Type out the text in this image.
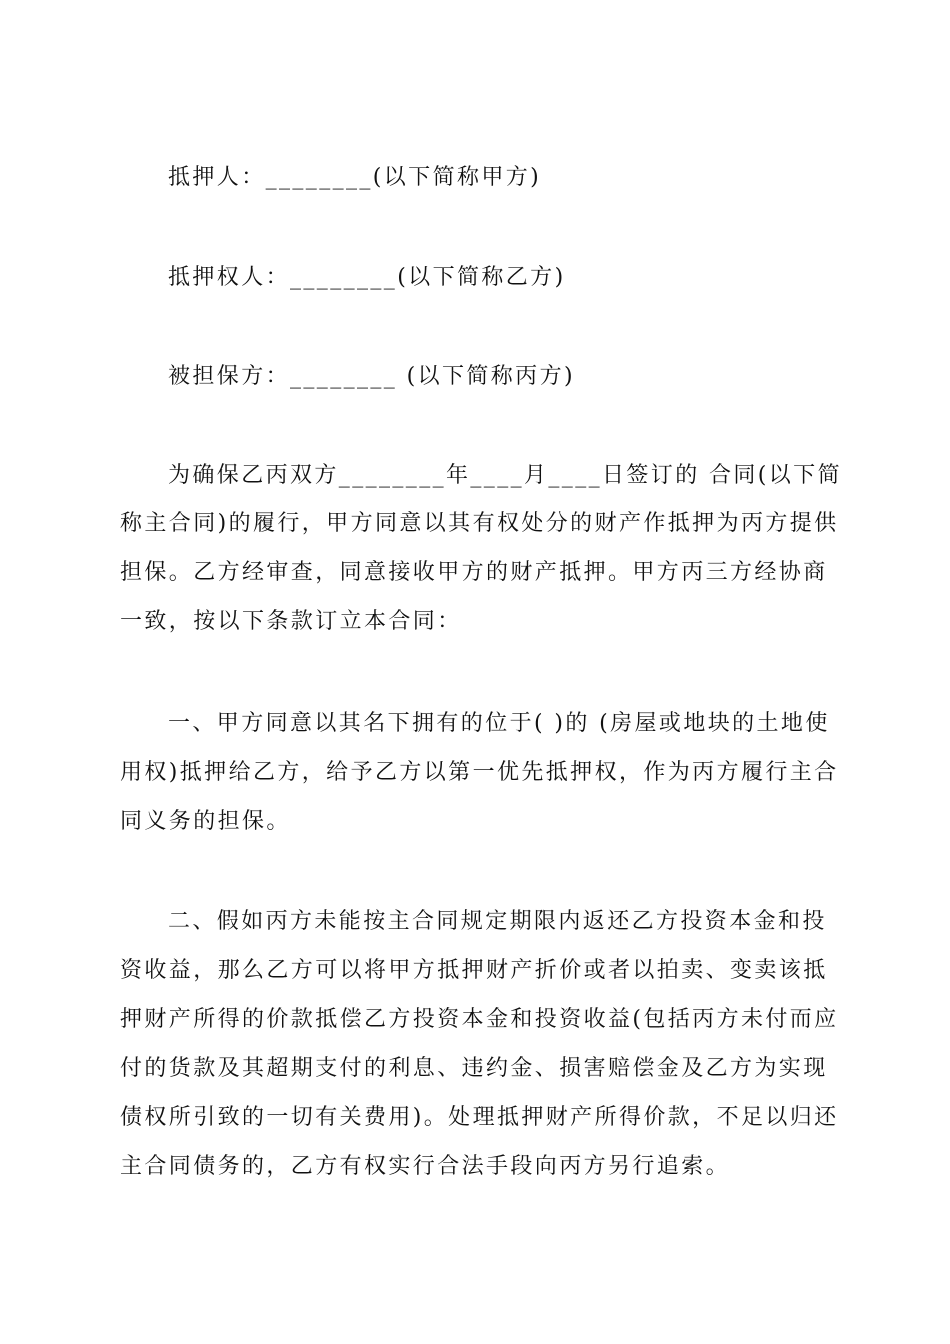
抵押人：________(以下简称甲方)
抵押权人：________(以下简称乙方)
被担保方：________ (以下简称丙方)
为确保乙丙双方________年____月____日签订的 合同(以下简
称主合同)的履行，甲方同意以其有权处分的财产作抵押为丙方提供
担保。乙方经审查，同意接收甲方的财产抵押。甲方丙三方经协商
一致，按以下条款订立本合同：
一、甲方同意以其名下拥有的位于( )的 (房屋或地块的土地使
用权)抵押给乙方，给予乙方以第一优先抵押权，作为丙方履行主合
同义务的担保。
二、假如丙方未能按主合同规定期限内返还乙方投资本金和投
资收益，那么乙方可以将甲方抵押财产折价或者以拍卖、变卖该抵
押财产所得的价款抵偿乙方投资本金和投资收益(包括丙方未付而应
付的货款及其超期支付的利息、违约金、损害赔偿金及乙方为实现
债权所引致的一切有关费用)。处理抵押财产所得价款，不足以归还
主合同债务的，乙方有权实行合法手段向丙方另行追索。
